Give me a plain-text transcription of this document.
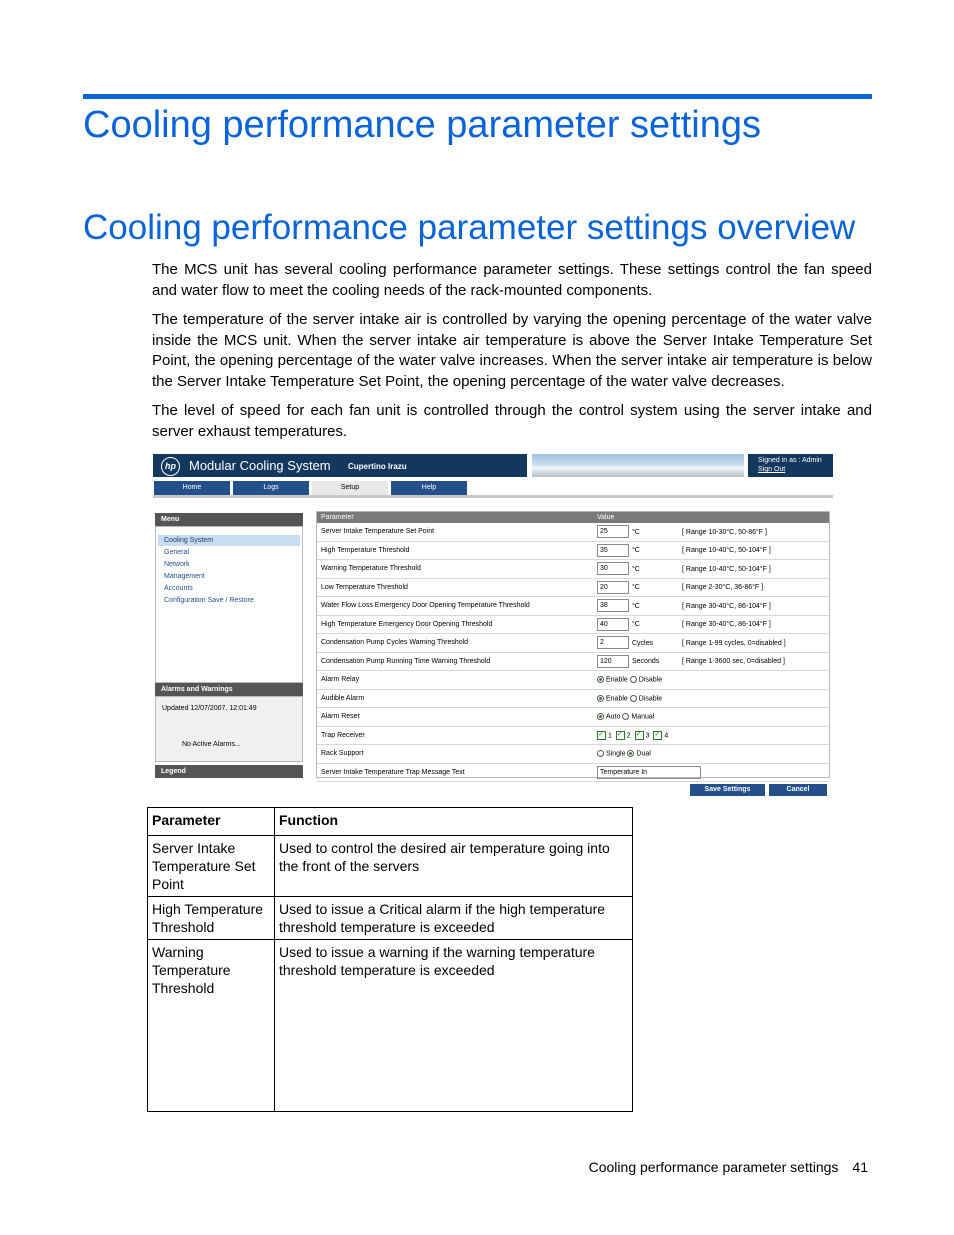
Cooling performance parameter settings
Cooling performance parameter settings overview

The MCS unit has several cooling performance parameter settings. These settings control the fan speed and water flow to meet the cooling needs of the rack-mounted components.

The temperature of the server intake air is controlled by varying the opening percentage of the water valve inside the MCS unit. When the server intake air temperature is above the Server Intake Temperature Set Point, the opening percentage of the water valve increases. When the server intake air temperature is below the Server Intake Temperature Set Point, the opening percentage of the water valve decreases.

The level of speed for each fan unit is controlled through the control system using the server intake and server exhaust temperatures.

hp	Modular Cooling System Cupertino Irazu
Signed in as : Admin
Sign Out
Home	Logs	Setup	Help
Menu
Cooling System
General
Network
Management
Accounts
Configuration Save / Restore
Alarms and Warnings
Updated 12/07/2007, 12:01:49
No Active Alarms...
Legend
Parameter	Value
Server Intake Temperature Set Point	25 °C [ Range 10-30°C, 50-86°F ]
High Temperature Threshold	35 °C [ Range 10-40°C, 50-104°F ]
Warning Temperature Threshold	30 °C [ Range 10-40°C, 50-104°F ]
Low Temperature Threshold	20 °C [ Range 2-30°C, 36-86°F ]
Water Flow Loss Emergency Door Opening Temperature Threshold	38 °C [ Range 30-40°C, 86-104°F ]
High Temperature Emergency Door Opening Threshold	40 °C [ Range 30-40°C, 86-104°F ]
Condensation Pump Cycles Warning Threshold	2 Cycles [ Range 1-99 cycles, 0=disabled ]
Condensation Pump Running Time Warning Threshold	120 Seconds [ Range 1-3600 sec, 0=disabled ]
Alarm Relay	Enable Disable
Audible Alarm	Enable Disable
Alarm Reset	Auto Manual
Trap Receiver	✓ 1 ✓ 2 ✓ 3 ✓ 4
Rack Support	Single Dual
Server Intake Temperature Trap Message Text	Temperature In
Save Settings	Cancel
Parameter	Function
Server Intake Temperature Set Point	Used to control the desired air temperature going into the front of the servers
High Temperature Threshold	Used to issue a Critical alarm if the high temperature threshold temperature is exceeded
Warning Temperature Threshold	Used to issue a warning if the warning temperature threshold temperature is exceeded
Cooling performance parameter settings 41
